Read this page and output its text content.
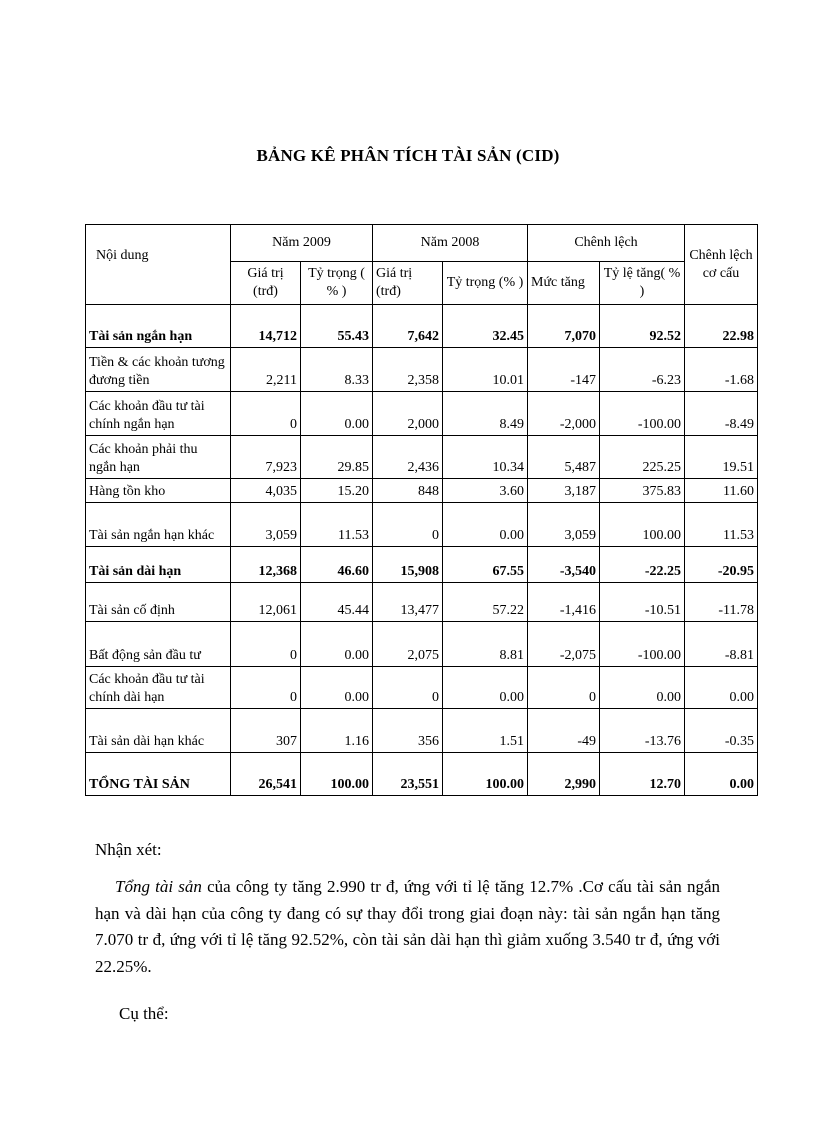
BẢNG KÊ PHÂN TÍCH TÀI SẢN (CID)
Nội dung	Năm 2009		Năm 2008		Chênh lệch		Chênh lệch cơ cấu
	Giá trị (trđ)	Tỷ trọng ( % )	Giá trị (trđ)	Tỷ trọng (% )	Mức tăng	Tỷ lệ tăng( % )	
Tài sản ngắn hạn	14,712	55.43	7,642	32.45	7,070	92.52	22.98
Tiền & các khoản tương đương tiền	2,211	8.33	2,358	10.01	-147	-6.23	-1.68
Các khoản đầu tư tài chính ngắn hạn	0	0.00	2,000	8.49	-2,000	-100.00	-8.49
Các khoản phải thu ngắn hạn	7,923	29.85	2,436	10.34	5,487	225.25	19.51
Hàng tồn kho	4,035	15.20	848	3.60	3,187	375.83	11.60
Tài sản ngắn hạn khác	3,059	11.53	0	0.00	3,059	100.00	11.53
Tài sản dài hạn	12,368	46.60	15,908	67.55	-3,540	-22.25	-20.95
Tài sản cố định	12,061	45.44	13,477	57.22	-1,416	-10.51	-11.78
Bất động sản đầu tư	0	0.00	2,075	8.81	-2,075	-100.00	-8.81
Các khoản đầu tư tài chính dài hạn	0	0.00	0	0.00	0	0.00	0.00
Tài sản dài hạn khác	307	1.16	356	1.51	-49	-13.76	-0.35
TỔNG TÀI SẢN	26,541	100.00	23,551	100.00	2,990	12.70	0.00

Nhận xét:

Tổng tài sản của công ty tăng 2.990 tr đ, ứng với tỉ lệ tăng 12.7% .Cơ cấu tài sản ngắn hạn và dài hạn của công ty đang có sự thay đổi trong giai đoạn này: tài sản ngắn hạn tăng 7.070 tr đ, ứng với tỉ lệ tăng 92.52%, còn tài sản dài hạn thì giảm xuống 3.540 tr đ, ứng với 22.25%.

Cụ thể:
